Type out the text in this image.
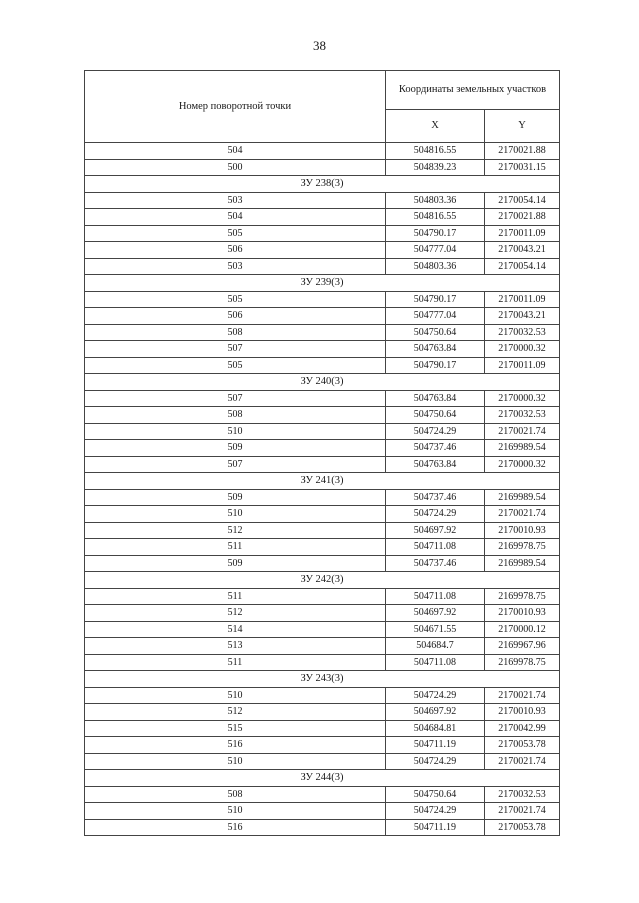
38
Номер поворотной точки	Координаты земельных участков	
	X	Y
504	504816.55	2170021.88
500	504839.23	2170031.15
ЗУ 238(3)		
503	504803.36	2170054.14
504	504816.55	2170021.88
505	504790.17	2170011.09
506	504777.04	2170043.21
503	504803.36	2170054.14
ЗУ 239(3)		
505	504790.17	2170011.09
506	504777.04	2170043.21
508	504750.64	2170032.53
507	504763.84	2170000.32
505	504790.17	2170011.09
ЗУ 240(3)		
507	504763.84	2170000.32
508	504750.64	2170032.53
510	504724.29	2170021.74
509	504737.46	2169989.54
507	504763.84	2170000.32
ЗУ 241(3)		
509	504737.46	2169989.54
510	504724.29	2170021.74
512	504697.92	2170010.93
511	504711.08	2169978.75
509	504737.46	2169989.54
ЗУ 242(3)		
511	504711.08	2169978.75
512	504697.92	2170010.93
514	504671.55	2170000.12
513	504684.7	2169967.96
511	504711.08	2169978.75
ЗУ 243(3)		
510	504724.29	2170021.74
512	504697.92	2170010.93
515	504684.81	2170042.99
516	504711.19	2170053.78
510	504724.29	2170021.74
ЗУ 244(3)		
508	504750.64	2170032.53
510	504724.29	2170021.74
516	504711.19	2170053.78
